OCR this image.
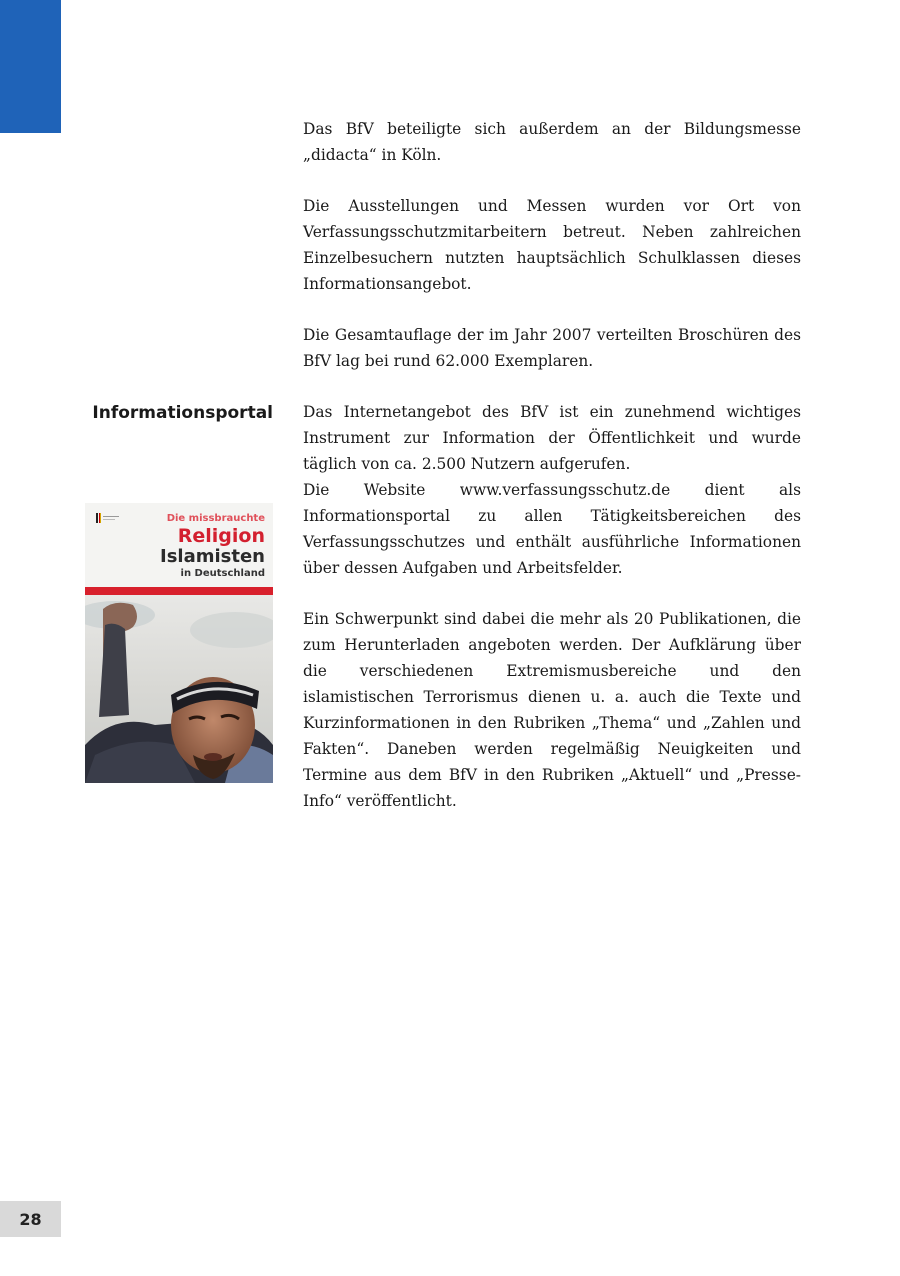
Das BfV beteiligte sich außerdem an der Bildungsmesse „didacta“ in Köln.

Die Ausstellungen und Messen wurden vor Ort von Verfassungsschutzmitarbeitern betreut. Neben zahlreichen Einzelbesuchern nutzten hauptsächlich Schulklassen dieses Informationsangebot.

Die Gesamtauflage der im Jahr 2007 verteilten Broschüren des BfV lag bei rund 62.000 Exemplaren.

Informationsportal Das Internetangebot des BfV ist ein zunehmend wichtiges Instrument zur Information der Öffentlichkeit und wurde täglich von ca. 2.500 Nutzern aufgerufen.

Die Website www.verfassungsschutz.de dient als Informationsportal zu allen Tätigkeitsbereichen des Verfassungsschutzes und enthält ausführliche Informationen über dessen Aufgaben und Arbeitsfelder.

Ein Schwerpunkt sind dabei die mehr als 20 Publikationen, die zum Herunterladen angeboten werden. Der Aufklärung über die verschiedenen Extremismusbereiche und den islamistischen Terrorismus dienen u. a. auch die Texte und Kurzinformationen in den Rubriken „Thema“ und „Zahlen und Fakten“. Daneben werden regelmäßig Neuigkeiten und Termine aus dem BfV in den Rubriken „Aktuell“ und „Presse-Info“ veröffentlicht.

Die missbrauchte
Religion
Islamisten
in Deutschland
28
